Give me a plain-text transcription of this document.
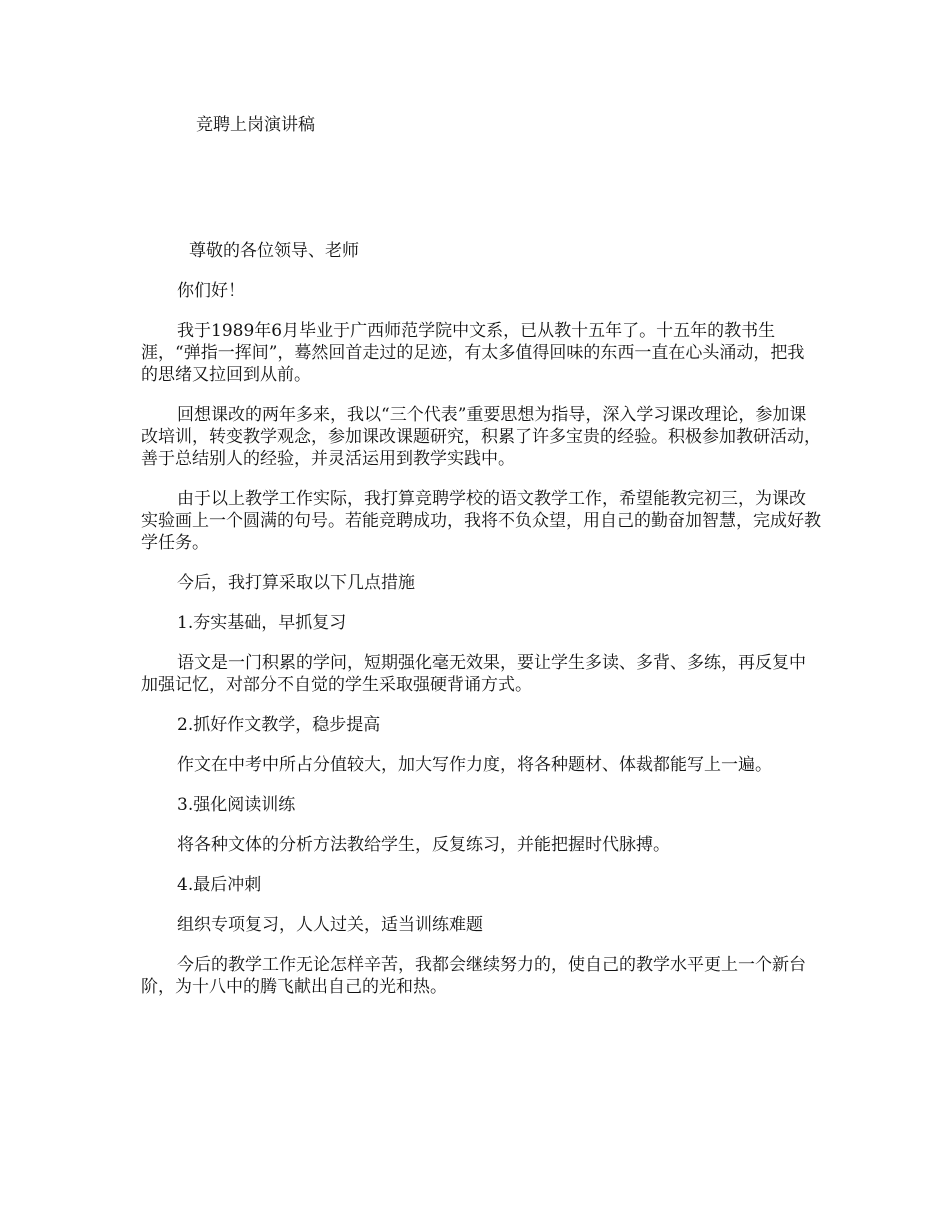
竞聘上岗演讲稿

尊敬的各位领导、老师

你们好！

我于1989年6月毕业于广西师范学院中文系，已从教十五年了。十五年的教书生涯，“弹指一挥间”，蓦然回首走过的足迹，有太多值得回味的东西一直在心头涌动，把我的思绪又拉回到从前。

回想课改的两年多来，我以“三个代表”重要思想为指导，深入学习课改理论，参加课改培训，转变教学观念，参加课改课题研究，积累了许多宝贵的经验。积极参加教研活动，善于总结别人的经验，并灵活运用到教学实践中。

由于以上教学工作实际，我打算竞聘学校的语文教学工作，希望能教完初三，为课改实验画上一个圆满的句号。若能竞聘成功，我将不负众望，用自己的勤奋加智慧，完成好教学任务。

今后，我打算采取以下几点措施

1.夯实基础，早抓复习

语文是一门积累的学问，短期强化毫无效果，要让学生多读、多背、多练，再反复中加强记忆，对部分不自觉的学生采取强硬背诵方式。

2.抓好作文教学，稳步提高

作文在中考中所占分值较大，加大写作力度，将各种题材、体裁都能写上一遍。

3.强化阅读训练

将各种文体的分析方法教给学生，反复练习，并能把握时代脉搏。

4.最后冲刺

组织专项复习，人人过关，适当训练难题

今后的教学工作无论怎样辛苦，我都会继续努力的，使自己的教学水平更上一个新台阶，为十八中的腾飞献出自己的光和热。
